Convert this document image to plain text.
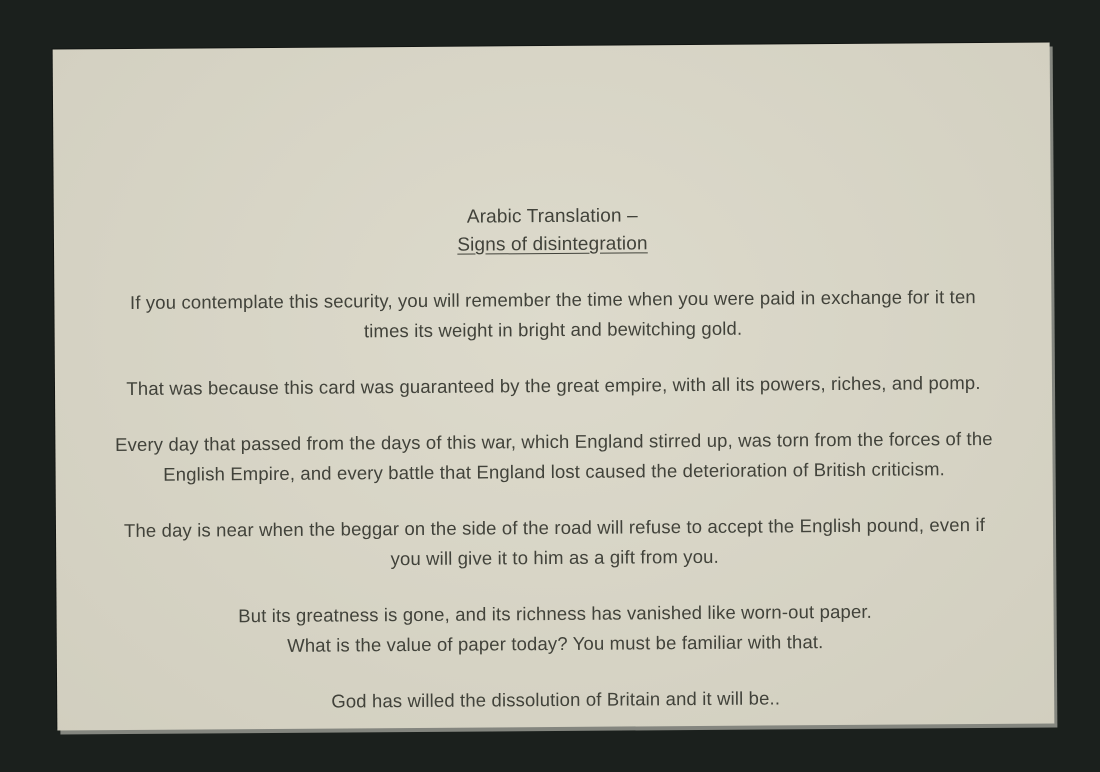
Arabic Translation –
Signs of disintegration
If you contemplate this security, you will remember the time when you were paid in exchange for it ten
times its weight in bright and bewitching gold.
That was because this card was guaranteed by the great empire, with all its powers, riches, and pomp.
Every day that passed from the days of this war, which England stirred up, was torn from the forces of the
English Empire, and every battle that England lost caused the deterioration of British criticism.
The day is near when the beggar on the side of the road will refuse to accept the English pound, even if
you will give it to him as a gift from you.
But its greatness is gone, and its richness has vanished like worn-out paper.
What is the value of paper today? You must be familiar with that.
God has willed the dissolution of Britain and it will be..
